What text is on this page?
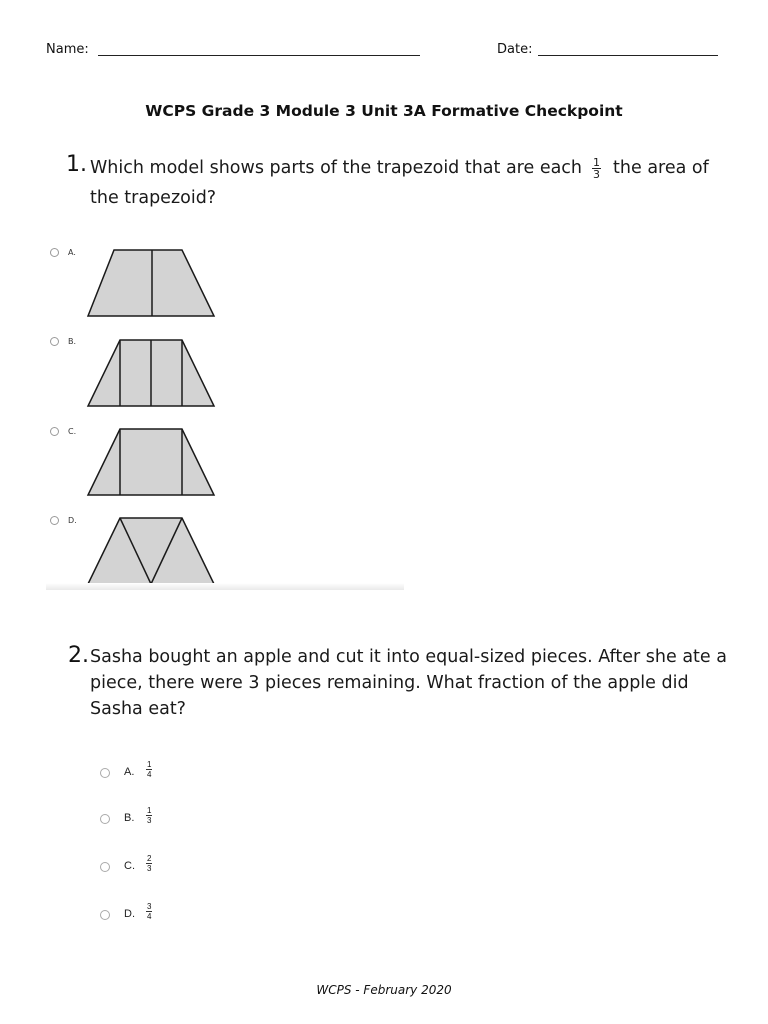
Name:	Date:
WCPS Grade 3 Module 3 Unit 3A Formative Checkpoint
1. Which model shows parts of the trapezoid that are each $\frac{1}{3}$ the area of the trapezoid?
A.
B.
C.
D.
2. Sasha bought an apple and cut it into equal-sized pieces. After she ate a piece, there were 3 pieces remaining. What fraction of the apple did Sasha eat?
A. $\frac{1}{4}$
B. $\frac{1}{3}$
C. $\frac{2}{3}$
D. $\frac{3}{4}$
WCPS - February 2020
